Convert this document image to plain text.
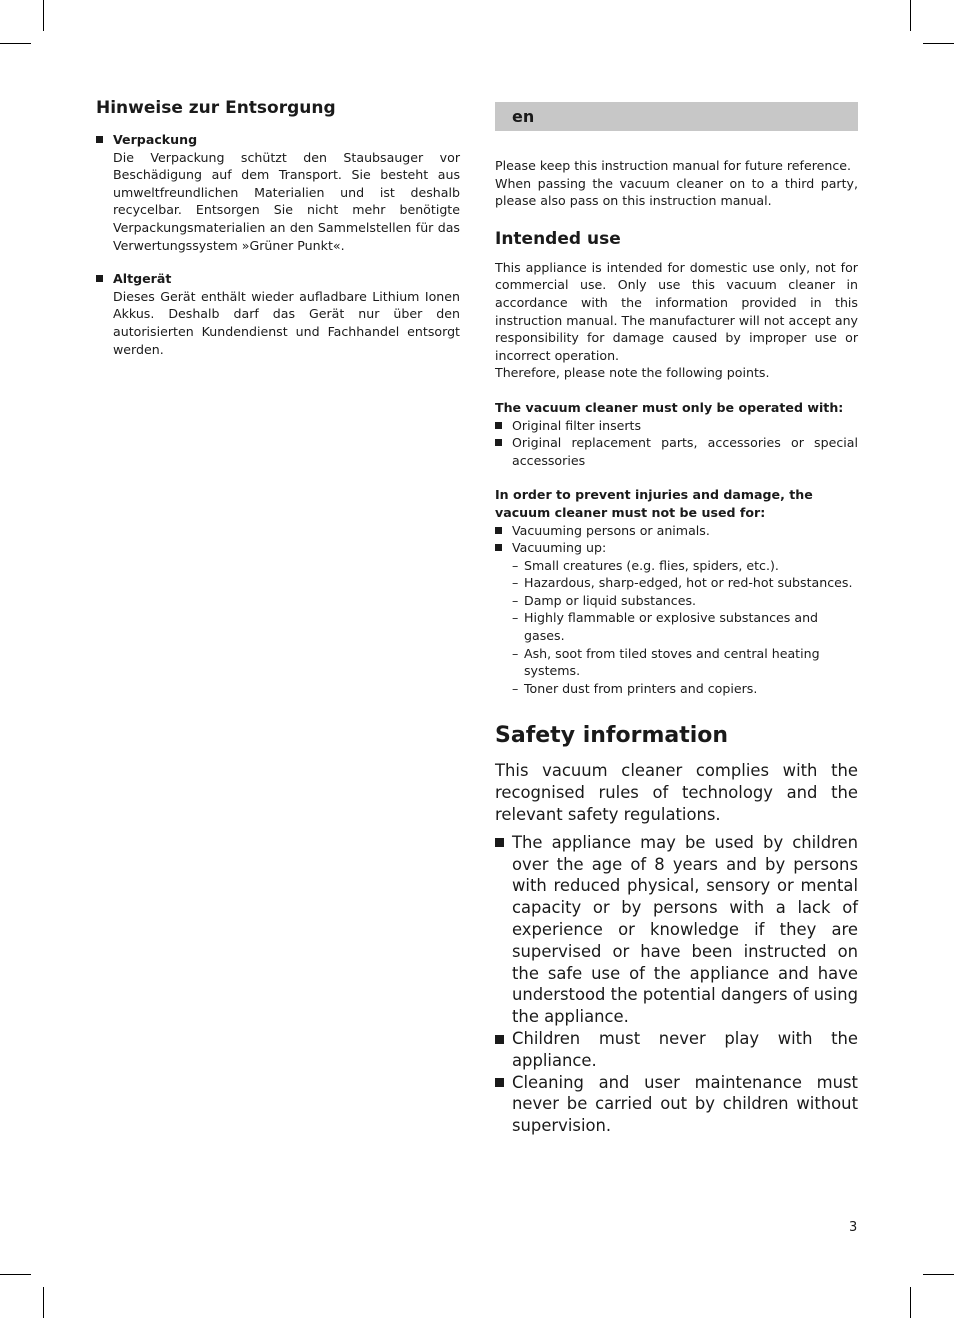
Hinweise zur Entsorgung

Verpackung

Die Verpackung schützt den Staubsauger vor Beschädigung auf dem Transport. Sie besteht aus umweltfreundlichen Materialien und ist deshalb recycelbar. Entsorgen Sie nicht mehr benötigte Verpackungsmaterialien an den Sammelstellen für das Verwertungssystem »Grüner Punkt«.

Altgerät

Dieses Gerät enthält wieder aufladbare Lithium Ionen Akkus. Deshalb darf das Gerät nur über den autorisierten Kundendienst und Fachhandel entsorgt werden.

en

Please keep this instruction manual for future reference.

When passing the vacuum cleaner on to a third party, please also pass on this instruction manual.

Intended use

This appliance is intended for domestic use only, not for commercial use. Only use this vacuum cleaner in accordance with the information provided in this instruction manual. The manufacturer will not accept any responsibility for damage caused by improper use or incorrect operation.

Therefore, please note the following points.

The vacuum cleaner must only be operated with:

Original filter inserts
Original replacement parts, accessories or special accessories

In order to prevent injuries and damage, the vacuum cleaner must not be used for:

Vacuuming persons or animals.
Vacuuming up:
– Small creatures (e.g. flies, spiders, etc.).
– Hazardous, sharp-edged, hot or red-hot substances.
– Damp or liquid substances.
– Highly flammable or explosive substances and gases.
– Ash, soot from tiled stoves and central heating systems.
– Toner dust from printers and copiers.
Safety information

This vacuum cleaner complies with the recognised rules of technology and the relevant safety regulations.

The appliance may be used by children over the age of 8 years and by persons with reduced physical, sensory or mental capacity or by persons with a lack of experience or knowledge if they are supervised or have been instructed on the safe use of the appliance and have understood the potential dangers of using the appliance.
Children must never play with the appliance.
Cleaning and user maintenance must never be carried out by children without supervision.
3
